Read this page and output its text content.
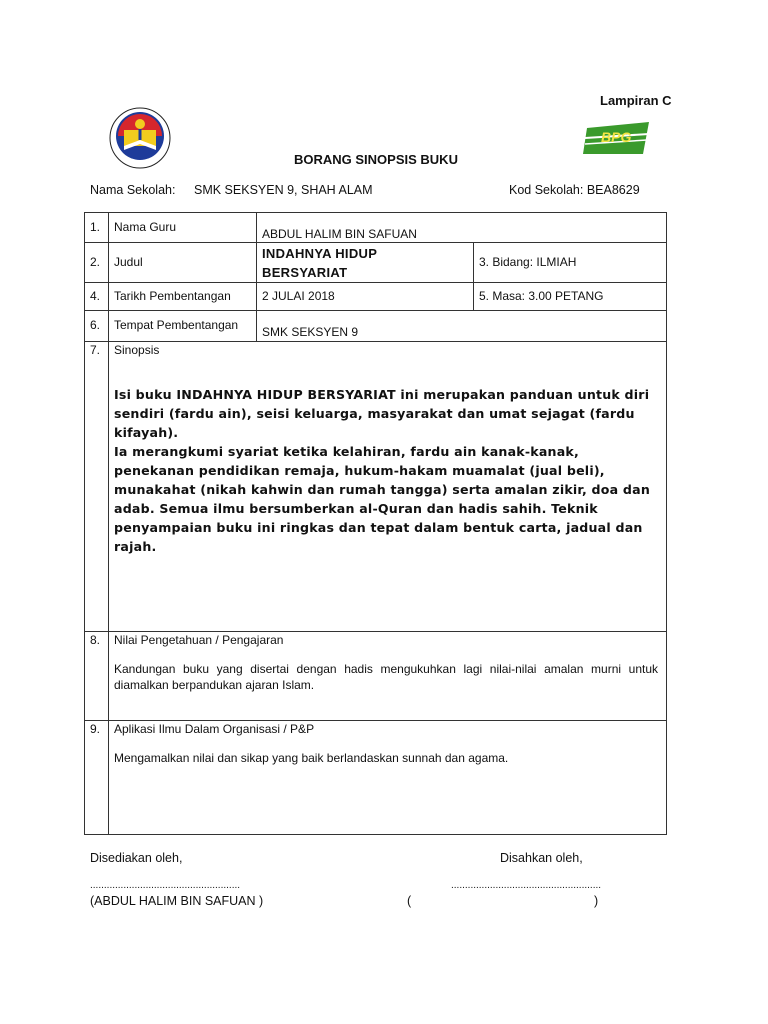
BPG
Lampiran C
BORANG SINOPSIS BUKU
Nama Sekolah: SMK SEKSYEN 9, SHAH ALAM	Kod Sekolah: BEA8629
1.	Nama Guru	ABDUL HALIM BIN SAFUAN	
2.	Judul	INDAHNYA HIDUP BERSYARIAT	3. Bidang: ILMIAH
4.	Tarikh Pembentangan	2 JULAI 2018	5. Masa: 3.00 PETANG
6.	Tempat Pembentangan	SMK SEKSYEN 9	
7.	Sinopsis
Isi buku INDAHNYA HIDUP BERSYARIAT ini merupakan panduan untuk diri sendiri (fardu ain), seisi keluarga, masyarakat dan umat sejagat (fardu kifayah).
Ia merangkumi syariat ketika kelahiran, fardu ain kanak-kanak, penekanan pendidikan remaja, hukum-hakam muamalat (jual beli), munakahat (nikah kahwin dan rumah tangga) serta amalan zikir, doa dan adab. Semua ilmu bersumberkan al-Quran dan hadis sahih. Teknik penyampaian buku ini ringkas dan tepat dalam bentuk carta, jadual dan rajah.		

8.	Nilai Pengetahuan / Pengajaran
Kandungan buku yang disertai dengan hadis mengukuhkan lagi nilai-nilai amalan murni untuk diamalkan berpandukan ajaran Islam.		

9.	Aplikasi Ilmu Dalam Organisasi / P&P
Mengamalkan nilai dan sikap yang baik berlandaskan sunnah dan agama.		
Disediakan oleh,	Disahkan oleh,
......................................................	......................................................
(ABDUL HALIM BIN SAFUAN )	(	)
